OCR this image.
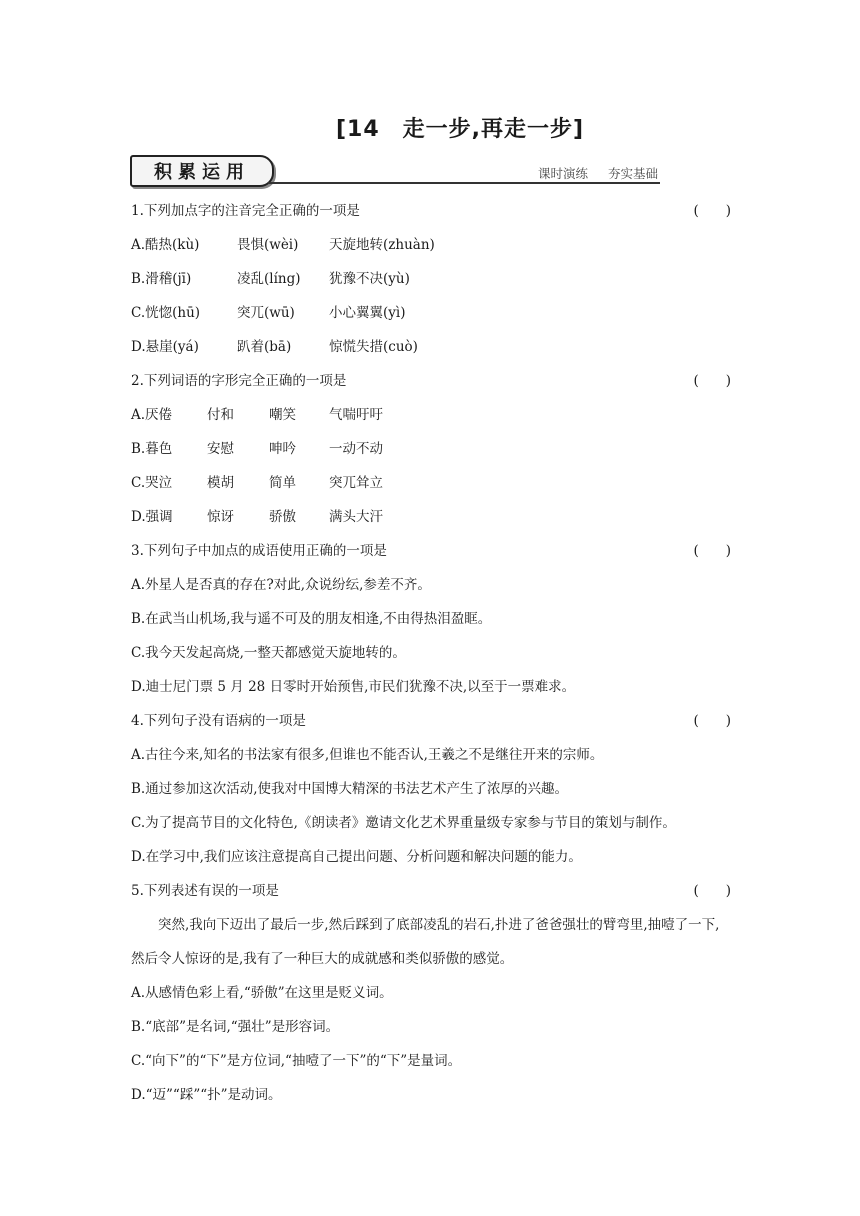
[14　走一步,再走一步]
积累运用	课时演练 夯实基础
1.下列加点字的注音完全正确的一项是	(　　)
A.酷热(kù)	畏惧(wèi)	天旋地转(zhuàn)
B.滑稽(jī)	凌乱(líng)	犹豫不决(yù)
C.恍惚(hū)	突兀(wū)	小心翼翼(yì)
D.悬崖(yá)	趴着(bā)	惊慌失措(cuò)
2.下列词语的字形完全正确的一项是	(　　)
A.厌倦	付和	嘲笑	气喘吁吁
B.暮色	安慰	呻吟	一动不动
C.哭泣	模胡	简单	突兀耸立
D.强调	惊讶	骄傲	满头大汗
3.下列句子中加点的成语使用正确的一项是	(　　)
A.外星人是否真的存在?对此,众说纷纭,参差不齐。
B.在武当山机场,我与遥不可及的朋友相逢,不由得热泪盈眶。
C.我今天发起高烧,一整天都感觉天旋地转的。
D.迪士尼门票 5 月 28 日零时开始预售,市民们犹豫不决,以至于一票难求。
4.下列句子没有语病的一项是	(　　)
A.古往今来,知名的书法家有很多,但谁也不能否认,王羲之不是继往开来的宗师。
B.通过参加这次活动,使我对中国博大精深的书法艺术产生了浓厚的兴趣。
C.为了提高节目的文化特色,《朗读者》邀请文化艺术界重量级专家参与节目的策划与制作。
D.在学习中,我们应该注意提高自己提出问题、分析问题和解决问题的能力。
5.下列表述有误的一项是	(　　)
突然,我向下迈出了最后一步,然后踩到了底部凌乱的岩石,扑进了爸爸强壮的臂弯里,抽噎了一下,然后令人惊讶的是,我有了一种巨大的成就感和类似骄傲的感觉。
A.从感情色彩上看,“骄傲”在这里是贬义词。
B.“底部”是名词,“强壮”是形容词。
C.“向下”的“下”是方位词,“抽噎了一下”的“下”是量词。
D.“迈”“踩”“扑”是动词。
